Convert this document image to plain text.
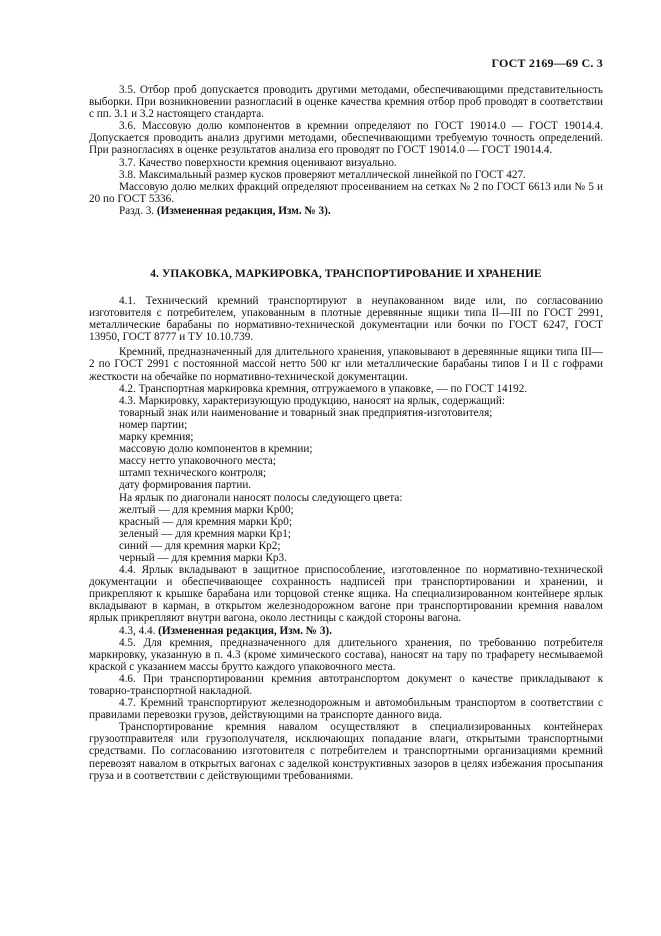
ГОСТ 2169—69 С. 3

3.5. Отбор проб допускается проводить другими методами, обеспечивающими представительность выборки. При возникновении разногласий в оценке качества кремния отбор проб проводят в соответствии с пп. 3.1 и 3.2 настоящего стандарта.

3.6. Массовую долю компонентов в кремнии определяют по ГОСТ 19014.0 — ГОСТ 19014.4. Допускается проводить анализ другими методами, обеспечивающими требуемую точность определений. При разногласиях в оценке результатов анализа его проводят по ГОСТ 19014.0 — ГОСТ 19014.4.

3.7. Качество поверхности кремния оценивают визуально.

3.8. Максимальный размер кусков проверяют металлической линейкой по ГОСТ 427.

Массовую долю мелких фракций определяют просеиванием на сетках № 2 по ГОСТ 6613 или № 5 и 20 по ГОСТ 5336.

Разд. 3. (Измененная редакция, Изм. № 3).

4. УПАКОВКА, МАРКИРОВКА, ТРАНСПОРТИРОВАНИЕ И ХРАНЕНИЕ

4.1. Технический кремний транспортируют в неупакованном виде или, по согласованию изготовителя с потребителем, упакованным в плотные деревянные ящики типа II—III по ГОСТ 2991, металлические барабаны по нормативно-технической документации или бочки по ГОСТ 6247, ГОСТ 13950, ГОСТ 8777 и ТУ 10.10.739.

Кремний, предназначенный для длительного хранения, упаковывают в деревянные ящики типа III—2 по ГОСТ 2991 с постоянной массой нетто 500 кг или металлические барабаны типов I и II с гофрами жесткости на обечайке по нормативно-технической документации.

4.2. Транспортная маркировка кремния, отгружаемого в упаковке, — по ГОСТ 14192.

4.3. Маркировку, характеризующую продукцию, наносят на ярлык, содержащий:

товарный знак или наименование и товарный знак предприятия-изготовителя;

номер партии;

марку кремния;

массовую долю компонентов в кремнии;

массу нетто упаковочного места;

штамп технического контроля;

дату формирования партии.

На ярлык по диагонали наносят полосы следующего цвета:

желтый — для кремния марки Кр00;

красный — для кремния марки Кр0;

зеленый — для кремния марки Кр1;

синий — для кремния марки Кр2;

черный — для кремния марки Кр3.

4.4. Ярлык вкладывают в защитное приспособление, изготовленное по нормативно-технической документации и обеспечивающее сохранность надписей при транспортировании и хранении, и прикрепляют к крышке барабана или торцовой стенке ящика. На специализированном контейнере ярлык вкладывают в карман, в открытом железнодорожном вагоне при транспортировании кремния навалом ярлык прикрепляют внутри вагона, около лестницы с каждой стороны вагона.

4.3, 4.4. (Измененная редакция, Изм. № 3).

4.5. Для кремния, предназначенного для длительного хранения, по требованию потребителя маркировку, указанную в п. 4.3 (кроме химического состава), наносят на тару по трафарету несмываемой краской с указанием массы брутто каждого упаковочного места.

4.6. При транспортировании кремния автотранспортом документ о качестве прикладывают к товарно-транспортной накладной.

4.7. Кремний транспортируют железнодорожным и автомобильным транспортом в соответствии с правилами перевозки грузов, действующими на транспорте данного вида.

Транспортирование кремния навалом осуществляют в специализированных контейнерах грузоотправителя или грузополучателя, исключающих попадание влаги, открытыми транспортными средствами. По согласованию изготовителя с потребителем и транспортными организациями кремний перевозят навалом в открытых вагонах с заделкой конструктивных зазоров в целях избежания просыпания груза и в соответствии с действующими требованиями.
